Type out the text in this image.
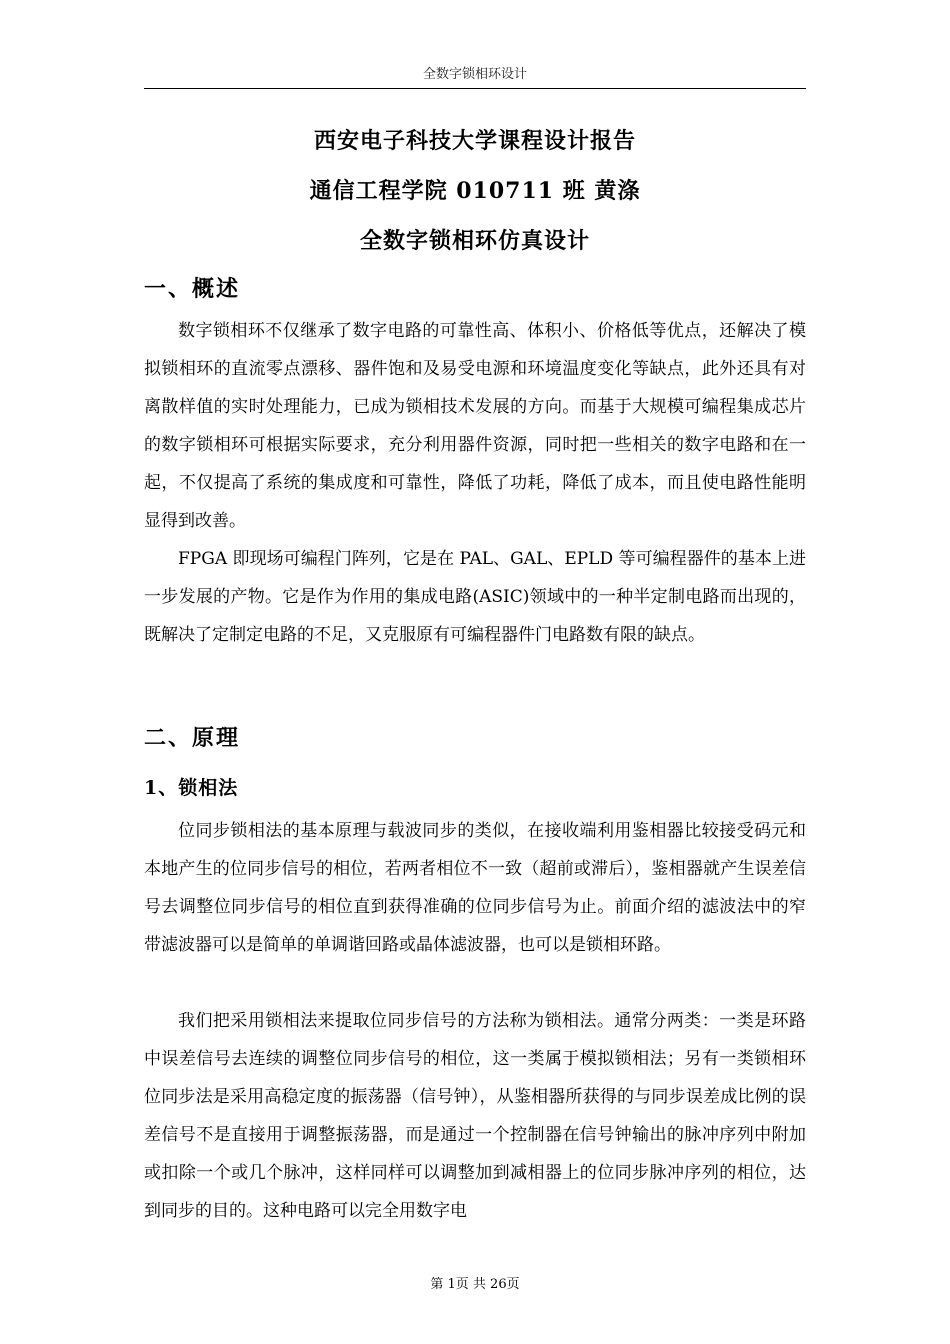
全数字锁相环设计
西安电子科技大学课程设计报告
通信工程学院 010711 班 黄涤
全数字锁相环仿真设计
一、概述

数字锁相环不仅继承了数字电路的可靠性高、体积小、价格低等优点，还解决了模拟锁相环的直流零点漂移、器件饱和及易受电源和环境温度变化等缺点，此外还具有对离散样值的实时处理能力，已成为锁相技术发展的方向。而基于大规模可编程集成芯片的数字锁相环可根据实际要求，充分利用器件资源，同时把一些相关的数字电路和在一起，不仅提高了系统的集成度和可靠性，降低了功耗，降低了成本，而且使电路性能明显得到改善。

FPGA 即现场可编程门阵列，它是在 PAL、GAL、EPLD 等可编程器件的基本上进一步发展的产物。它是作为作用的集成电路(ASIC)领域中的一种半定制电路而出现的，既解决了定制定电路的不足，又克服原有可编程器件门电路数有限的缺点。

二、原理
1、锁相法

位同步锁相法的基本原理与载波同步的类似，在接收端利用鉴相器比较接受码元和本地产生的位同步信号的相位，若两者相位不一致（超前或滞后），鉴相器就产生误差信号去调整位同步信号的相位直到获得准确的位同步信号为止。前面介绍的滤波法中的窄带滤波器可以是简单的单调谐回路或晶体滤波器，也可以是锁相环路。

我们把采用锁相法来提取位同步信号的方法称为锁相法。通常分两类：一类是环路中误差信号去连续的调整位同步信号的相位，这一类属于模拟锁相法；另有一类锁相环位同步法是采用高稳定度的振荡器（信号钟），从鉴相器所获得的与同步误差成比例的误差信号不是直接用于调整振荡器，而是通过一个控制器在信号钟输出的脉冲序列中附加或扣除一个或几个脉冲，这样同样可以调整加到减相器上的位同步脉冲序列的相位，达到同步的目的。这种电路可以完全用数字电

第 1页 共 26页
